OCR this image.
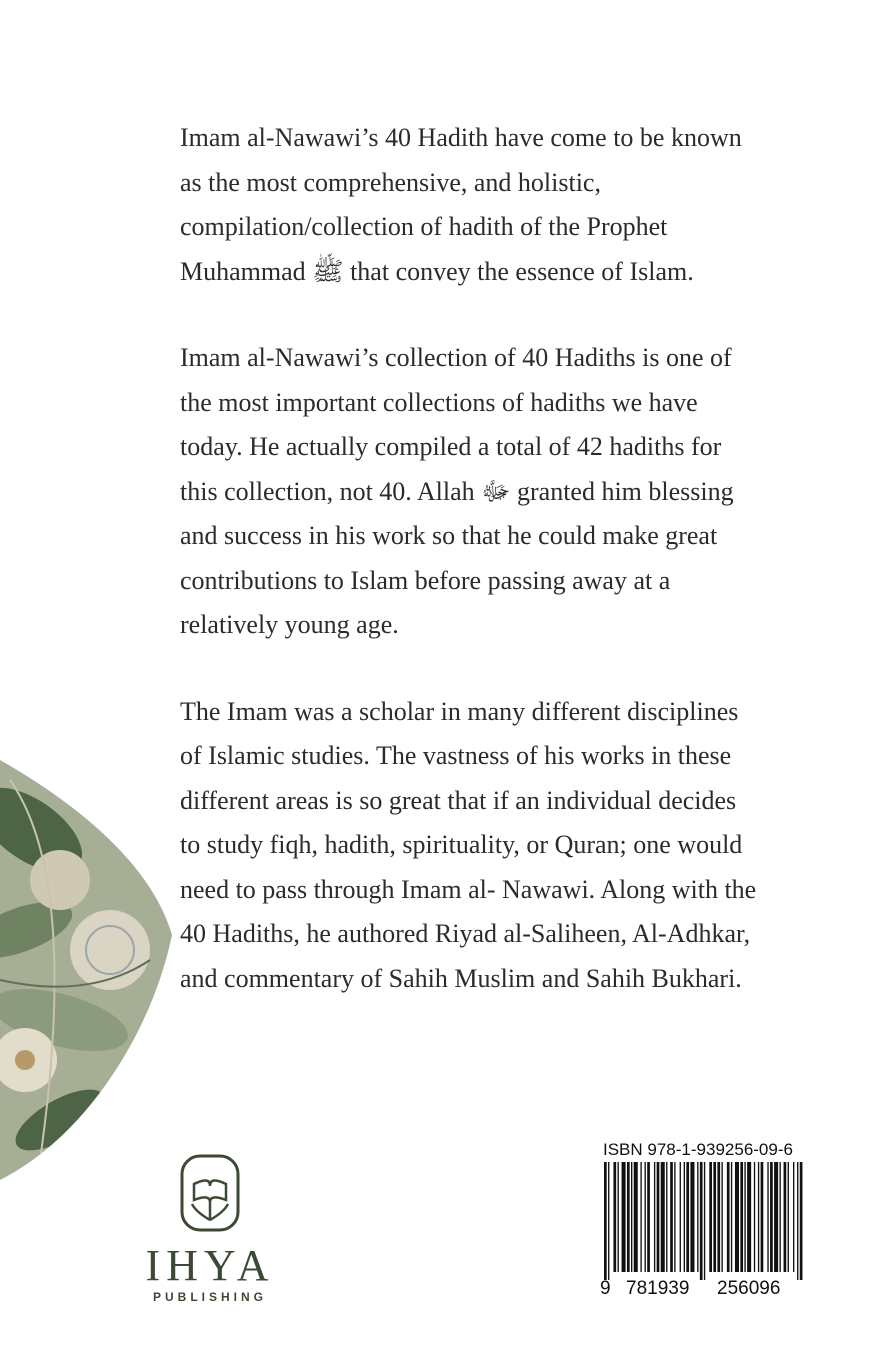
Imam al-Nawawi’s 40 Hadith have come to be known as the most comprehensive, and holistic, compilation/collection of hadith of the Prophet Muhammad ﷺ that convey the essence of Islam.

Imam al-Nawawi’s collection of 40 Hadiths is one of the most important collections of hadiths we have today. He actually compiled a total of 42 hadiths for this collection, not 40. Allah ﷻ granted him blessing and success in his work so that he could make great contributions to Islam before passing away at a relatively young age.

The Imam was a scholar in many different disciplines of Islamic studies. The vastness of his works in these different areas is so great that if an individual decides to study fiqh, hadith, spirituality, or Quran; one would need to pass through Imam al- Nawawi. Along with the 40 Hadiths, he authored Riyad al-Saliheen, Al-Adhkar, and commentary of Sahih Muslim and Sahih Bukhari.

IHYA
PUBLISHING
ISBN 978-1-939256-09-6
9 781939 256096
